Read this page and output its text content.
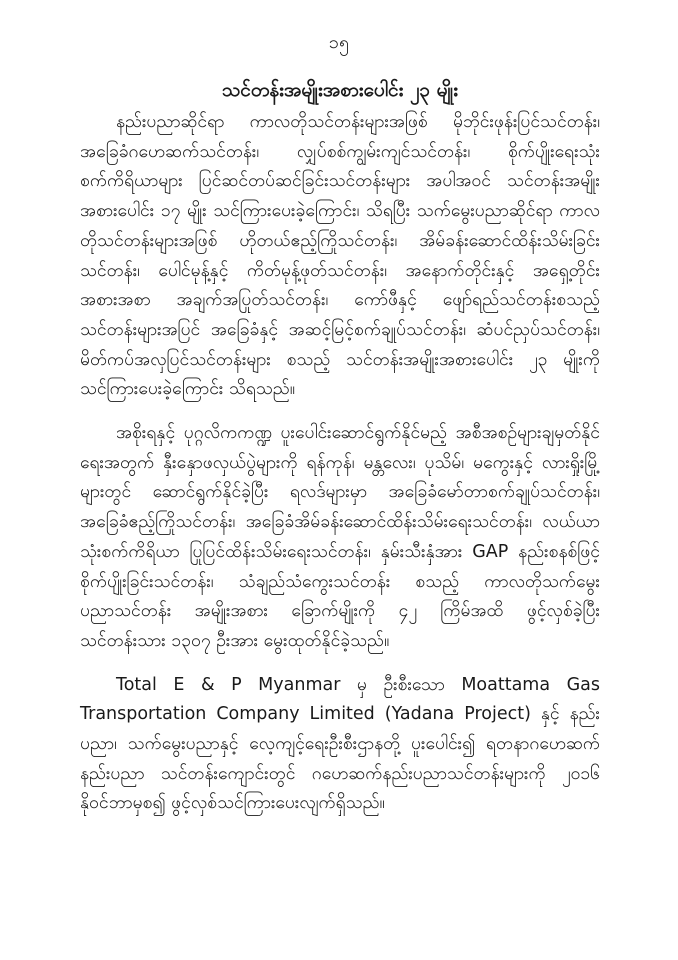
၁၅
သင်တန်းအမျိုးအစားပေါင်း ၂၃ မျိုး

နည်းပညာဆိုင်ရာ ကာလတိုသင်တန်းများအဖြစ် မိုဘိုင်းဖုန်းပြင်သင်တန်း၊ အခြေခံဂဟေဆက်သင်တန်း၊ လျှပ်စစ်ကျွမ်းကျင်သင်တန်း၊ စိုက်ပျိုးရေးသုံးစက်ကိရိယာများ ပြင်ဆင်တပ်ဆင်ခြင်းသင်တန်းများ အပါအဝင် သင်တန်းအမျိုးအစားပေါင်း ၁၇ မျိုး သင်ကြားပေးခဲ့ကြောင်း၊ သိရပြီး သက်မွေးပညာဆိုင်ရာ ကာလတိုသင်တန်းများအဖြစ် ဟိုတယ်ဧည့်ကြိုသင်တန်း၊ အိမ်ခန်းဆောင်ထိန်းသိမ်းခြင်းသင်တန်း၊ ပေါင်မုန့်နှင့် ကိတ်မုန့်ဖုတ်သင်တန်း၊ အနောက်တိုင်းနှင့် အရှေ့တိုင်းအစားအစာ အချက်အပြုတ်သင်တန်း၊ ကော်ဖီနှင့် ဖျော်ရည်သင်တန်းစသည့် သင်တန်းများအပြင် အခြေခံနှင့် အဆင့်မြင့်စက်ချုပ်သင်တန်း၊ ဆံပင်ညှပ်သင်တန်း၊ မိတ်ကပ်အလှပြင်သင်တန်းများ စသည့် သင်တန်းအမျိုးအစားပေါင်း ၂၃ မျိုးကို သင်ကြားပေးခဲ့ကြောင်း သိရသည်။

အစိုးရနှင့် ပုဂ္ဂလိကကဏ္ဍ ပူးပေါင်းဆောင်ရွက်နိုင်မည့် အစီအစဉ်များချမှတ်နိုင်ရေးအတွက် နှီးနှောဖလှယ်ပွဲများကို ရန်ကုန်၊ မန္တလေး၊ ပုသိမ်၊ မကွေးနှင့် လားရှိုးမြို့များတွင် ဆောင်ရွက်နိုင်ခဲ့ပြီး ရလဒ်များမှာ အခြေခံမော်တာစက်ချုပ်သင်တန်း၊ အခြေခံဧည့်ကြိုသင်တန်း၊ အခြေခံအိမ်ခန်းဆောင်ထိန်းသိမ်းရေးသင်တန်း၊ လယ်ယာသုံးစက်ကိရိယာ ပြုပြင်ထိန်းသိမ်းရေးသင်တန်း၊ နှမ်းသီးနှံအား GAP နည်းစနစ်ဖြင့် စိုက်ပျိုးခြင်းသင်တန်း၊ သံချည်သံကွေးသင်တန်း စသည့် ကာလတိုသက်မွေးပညာသင်တန်း အမျိုးအစား ခြောက်မျိုးကို ၄၂ ကြိမ်အထိ ဖွင့်လှစ်ခဲ့ပြီး သင်တန်းသား ၁၃၀၇ ဦးအား မွေးထုတ်နိုင်ခဲ့သည်။

Total E & P Myanmar မှ ဦးစီးသော Moattama Gas Transportation Company Limited (Yadana Project) နှင့် နည်းပညာ၊ သက်မွေးပညာနှင့် လေ့ကျင့်ရေးဦးစီးဌာနတို့ ပူးပေါင်း၍ ရတနာဂဟေဆက်နည်းပညာ သင်တန်းကျောင်းတွင် ဂဟေဆက်နည်းပညာသင်တန်းများကို ၂၀၁၆ နိုဝင်ဘာမှစ၍ ဖွင့်လှစ်သင်ကြားပေးလျက်ရှိသည်။
